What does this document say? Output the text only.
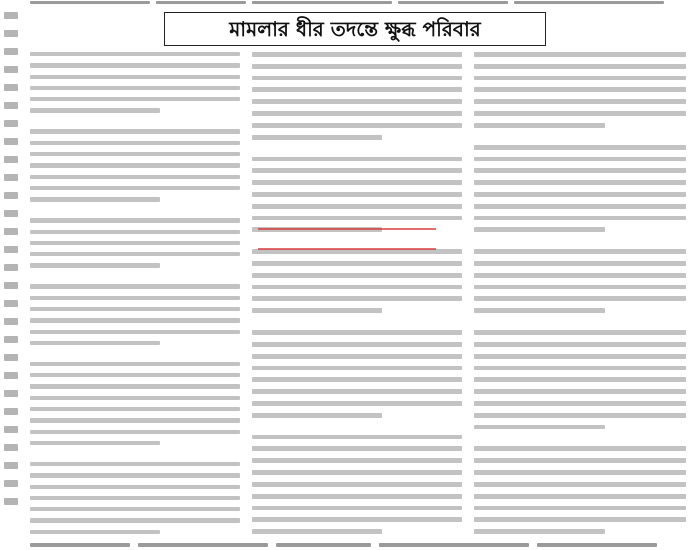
মামলার ধীর তদন্তে ক্ষুব্ধ পরিবার
